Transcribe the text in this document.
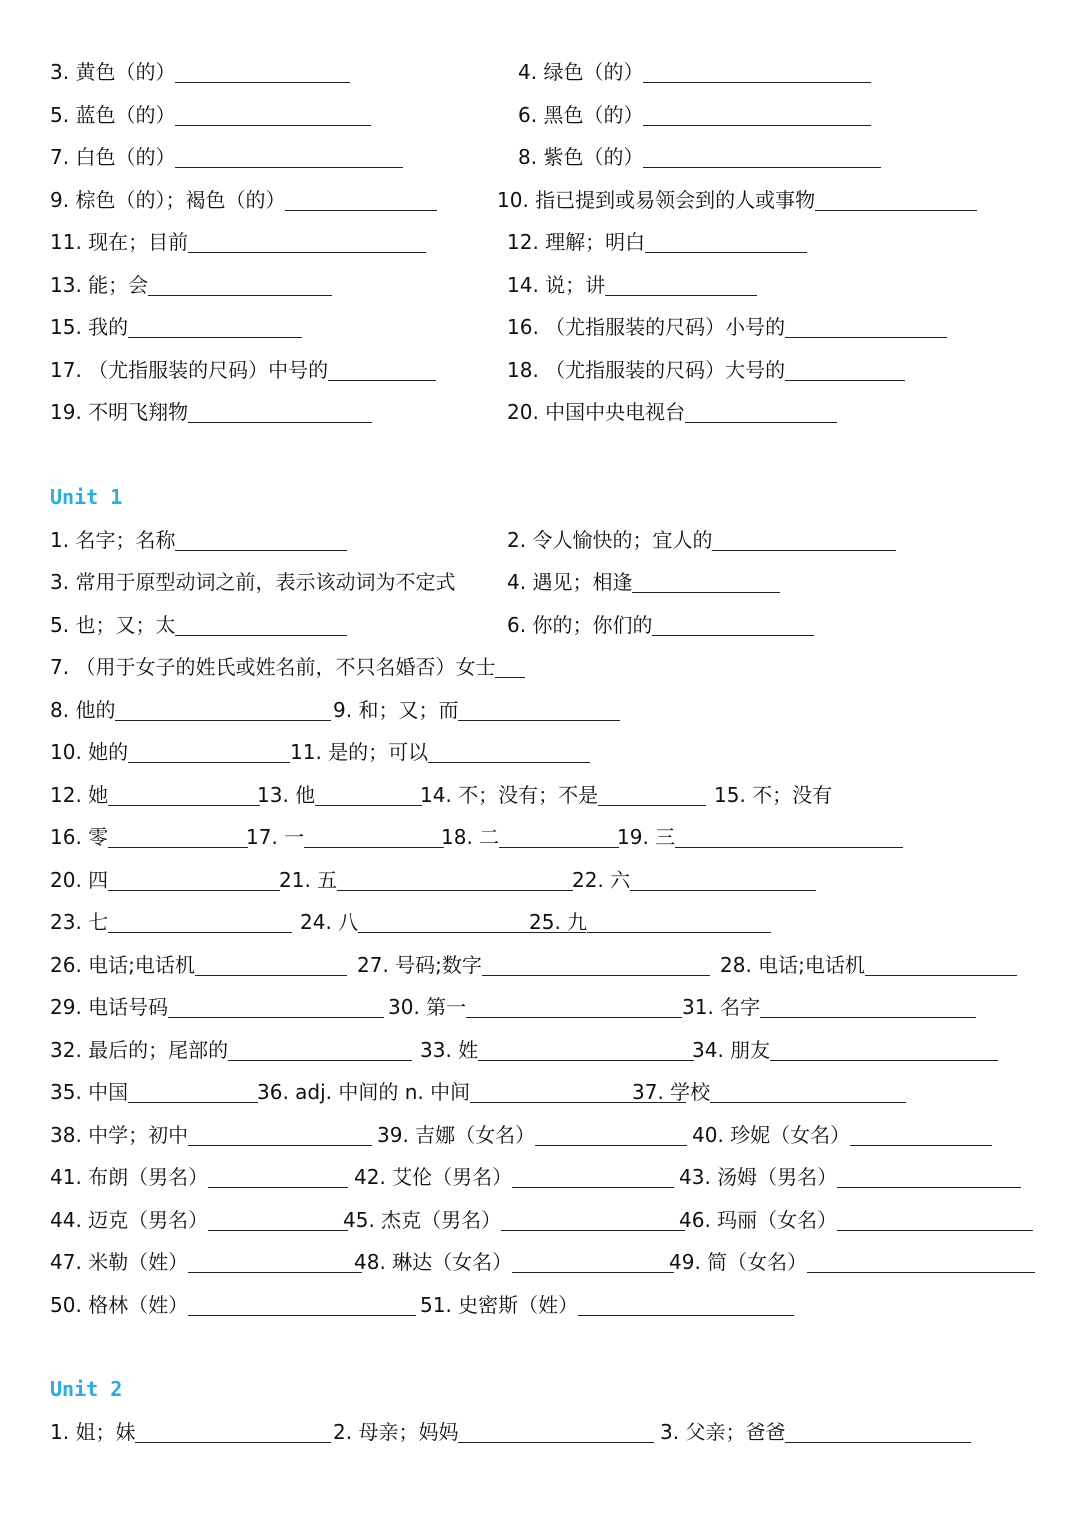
3. 黄色（的）	4. 绿色（的）
5. 蓝色（的）	6. 黑色（的）
7. 白色（的）	8. 紫色（的）
9. 棕色（的）；褐色（的）	10. 指已提到或易领会到的人或事物
11. 现在；目前	12. 理解；明白
13. 能；会	14. 说；讲
15. 我的	16. （尤指服装的尺码）小号的
17. （尤指服装的尺码）中号的	18. （尤指服装的尺码）大号的
19. 不明飞翔物	20. 中国中央电视台
Unit 1
1. 名字；名称	2. 令人愉快的；宜人的
3. 常用于原型动词之前，表示该动词为不定式	4. 遇见；相逢
5. 也；又；太	6. 你的；你们的
7. （用于女子的姓氏或姓名前，不只名婚否）女士
8. 他的	9. 和；又；而
10. 她的	11. 是的；可以
12. 她	13. 他	14. 不；没有；不是	15. 不；没有
16. 零	17. 一	18. 二	19. 三
20. 四	21. 五	22. 六
23. 七	24. 八	25. 九
26. 电话;电话机	27. 号码;数字	28. 电话;电话机
29. 电话号码	30. 第一	31. 名字
32. 最后的；尾部的	33. 姓	34. 朋友
35. 中国	36. adj. 中间的 n. 中间	37. 学校
38. 中学；初中	39. 吉娜（女名）	40. 珍妮（女名）
41. 布朗（男名）	42. 艾伦（男名）	43. 汤姆（男名）
44. 迈克（男名）	45. 杰克（男名）	46. 玛丽（女名）
47. 米勒（姓）	48. 琳达（女名）	49. 简（女名）
50. 格林（姓）	51. 史密斯（姓）
Unit 2
1. 姐；妹	2. 母亲；妈妈	3. 父亲；爸爸
